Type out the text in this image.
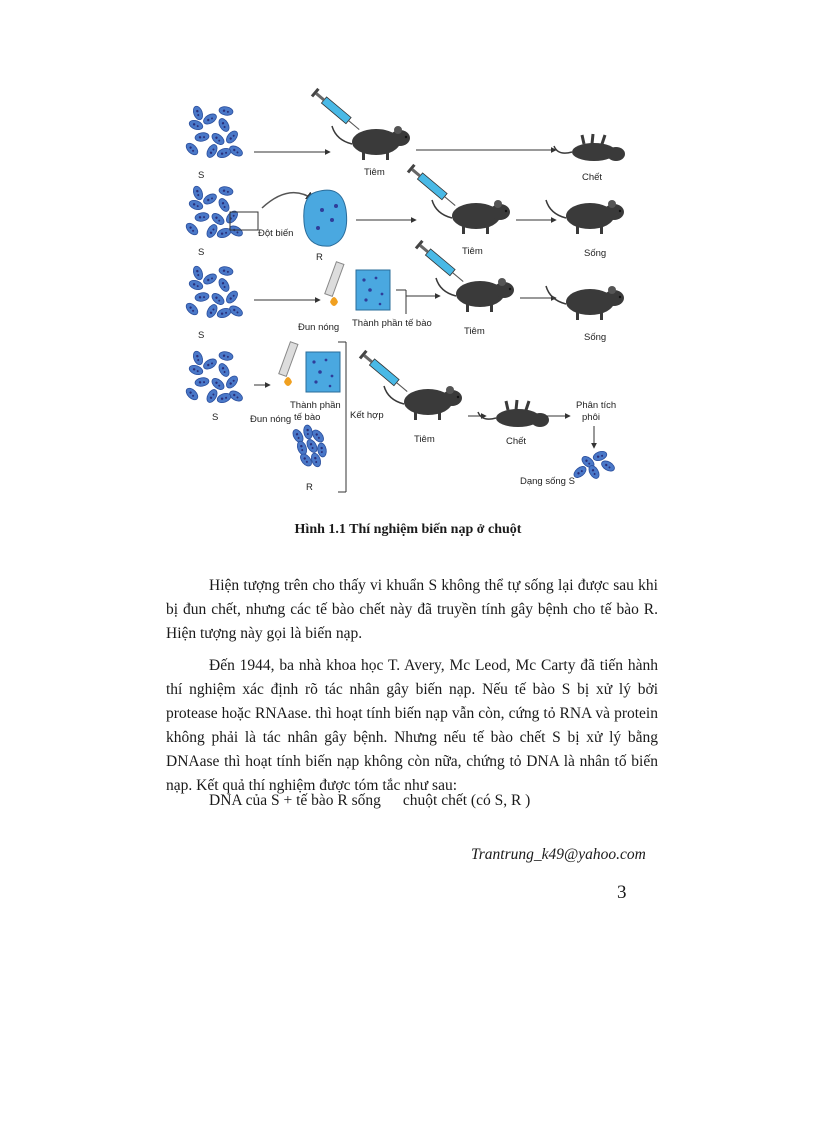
S	Tiêm	Chết
S
Đột biến
R
Tiêm	Sống
S
Đun nóng Thành phần tế bào
Tiêm
Sống
S	Đun nóng
Thành phần
tế bào
R
Kết hợp
Tiêm	Chết
Phân tích
phôi
Dạng sống S
Hình 1.1 Thí nghiệm biến nạp ở chuột

Hiện tượng trên cho thấy vi khuẩn S không thể tự sống lại được sau khi bị đun chết, nhưng các tế bào chết này đã truyền tính gây bệnh cho tế bào R. Hiện tượng này gọi là biến nạp.

Đến 1944, ba nhà khoa học T. Avery, Mc Leod, Mc Carty đã tiến hành thí nghiệm xác định rõ tác nhân gây biến nạp. Nếu tế bào S bị xử lý bởi protease hoặc RNAase. thì hoạt tính biến nạp vẫn còn, cứng tỏ RNA và protein không phải là tác nhân gây bệnh. Nhưng nếu tế bào chết S bị xử lý bằng DNAase thì hoạt tính biến nạp không còn nữa, chứng tỏ DNA là nhân tố biến nạp. Kết quả thí nghiệm được tóm tắc như sau:

DNA của S + tế bào R sống chuột chết (có S, R )
Trantrung_k49@yahoo.com
3
